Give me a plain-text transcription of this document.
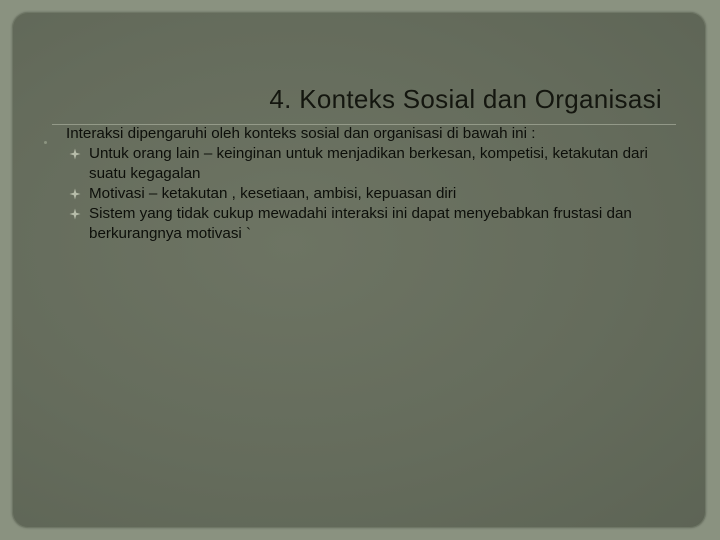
4. Konteks Sosial dan Organisasi

Interaksi dipengaruhi oleh konteks sosial dan organisasi di bawah ini :

Untuk orang lain – keinginan untuk menjadikan berkesan, kompetisi, ketakutan dari suatu kegagalan
Motivasi – ketakutan , kesetiaan, ambisi, kepuasan diri
Sistem yang tidak cukup mewadahi interaksi ini dapat menyebabkan frustasi dan berkurangnya motivasi `
